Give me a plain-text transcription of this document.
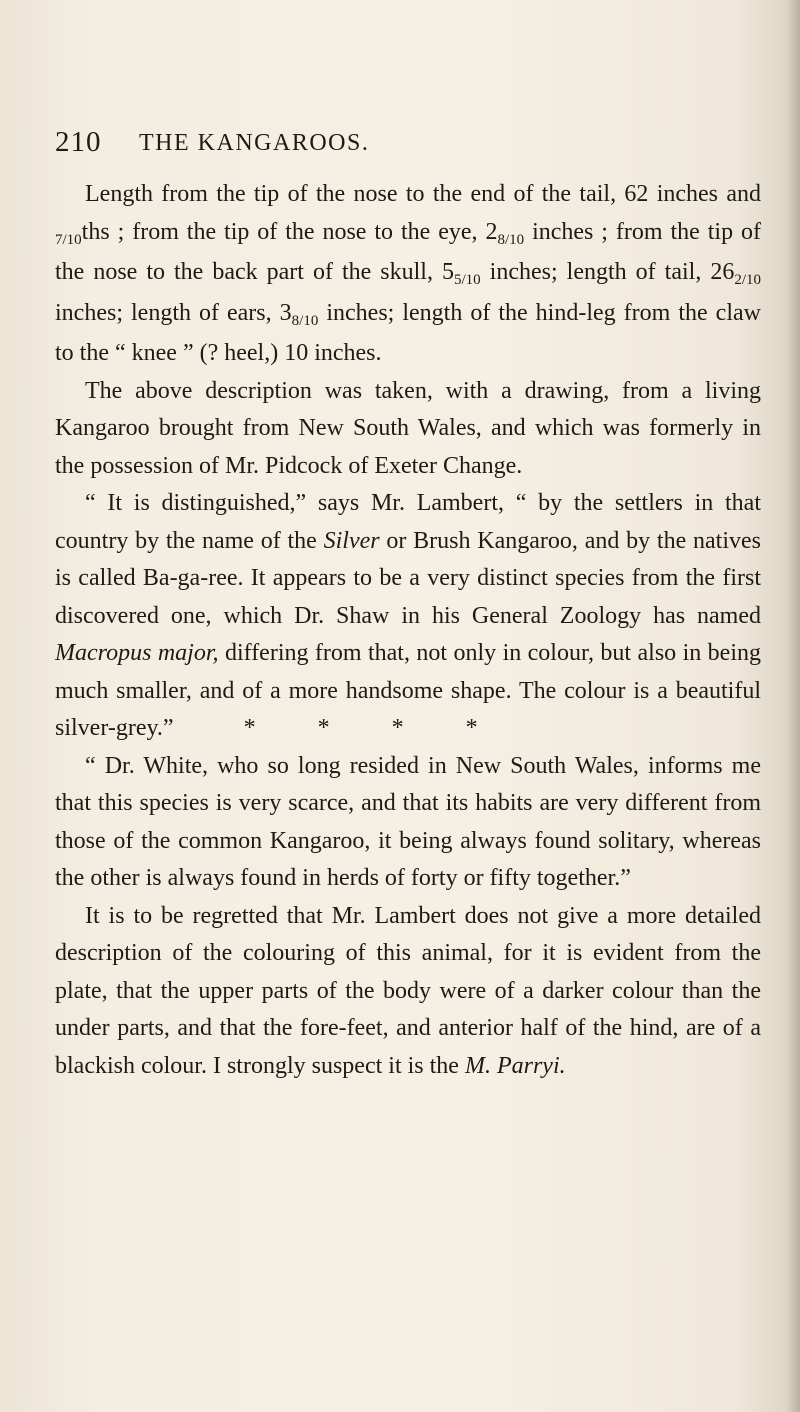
210 THE KANGAROOS.

Length from the tip of the nose to the end of the tail, 62 inches and $_{7/10}$ths ; from the tip of the nose to the eye, $2_{8/10}$ inches ; from the tip of the nose to the back part of the skull, $5_{5/10}$ inches; length of tail, $26_{2/10}$ inches; length of ears, $3_{8/10}$ inches; length of the hind-leg from the claw to the “ knee ” (? heel,) 10 inches.

The above description was taken, with a drawing, from a living Kangaroo brought from New South Wales, and which was formerly in the possession of Mr. Pidcock of Exeter Change.

“ It is distinguished,” says Mr. Lambert, “ by the settlers in that country by the name of the Silver or Brush Kangaroo, and by the natives is called Ba-ga-ree. It appears to be a very distinct species from the first discovered one, which Dr. Shaw in his General Zoology has named Macropus major, differing from that, not only in colour, but also in being much smaller, and of a more handsome shape. The colour is a beautiful silver-grey.”	* * * *

“ Dr. White, who so long resided in New South Wales, informs me that this species is very scarce, and that its habits are very different from those of the common Kangaroo, it being always found solitary, whereas the other is always found in herds of forty or fifty together.”

It is to be regretted that Mr. Lambert does not give a more detailed description of the colouring of this animal, for it is evident from the plate, that the upper parts of the body were of a darker colour than the under parts, and that the fore-feet, and anterior half of the hind, are of a blackish colour. I strongly suspect it is the M. Parryi.
